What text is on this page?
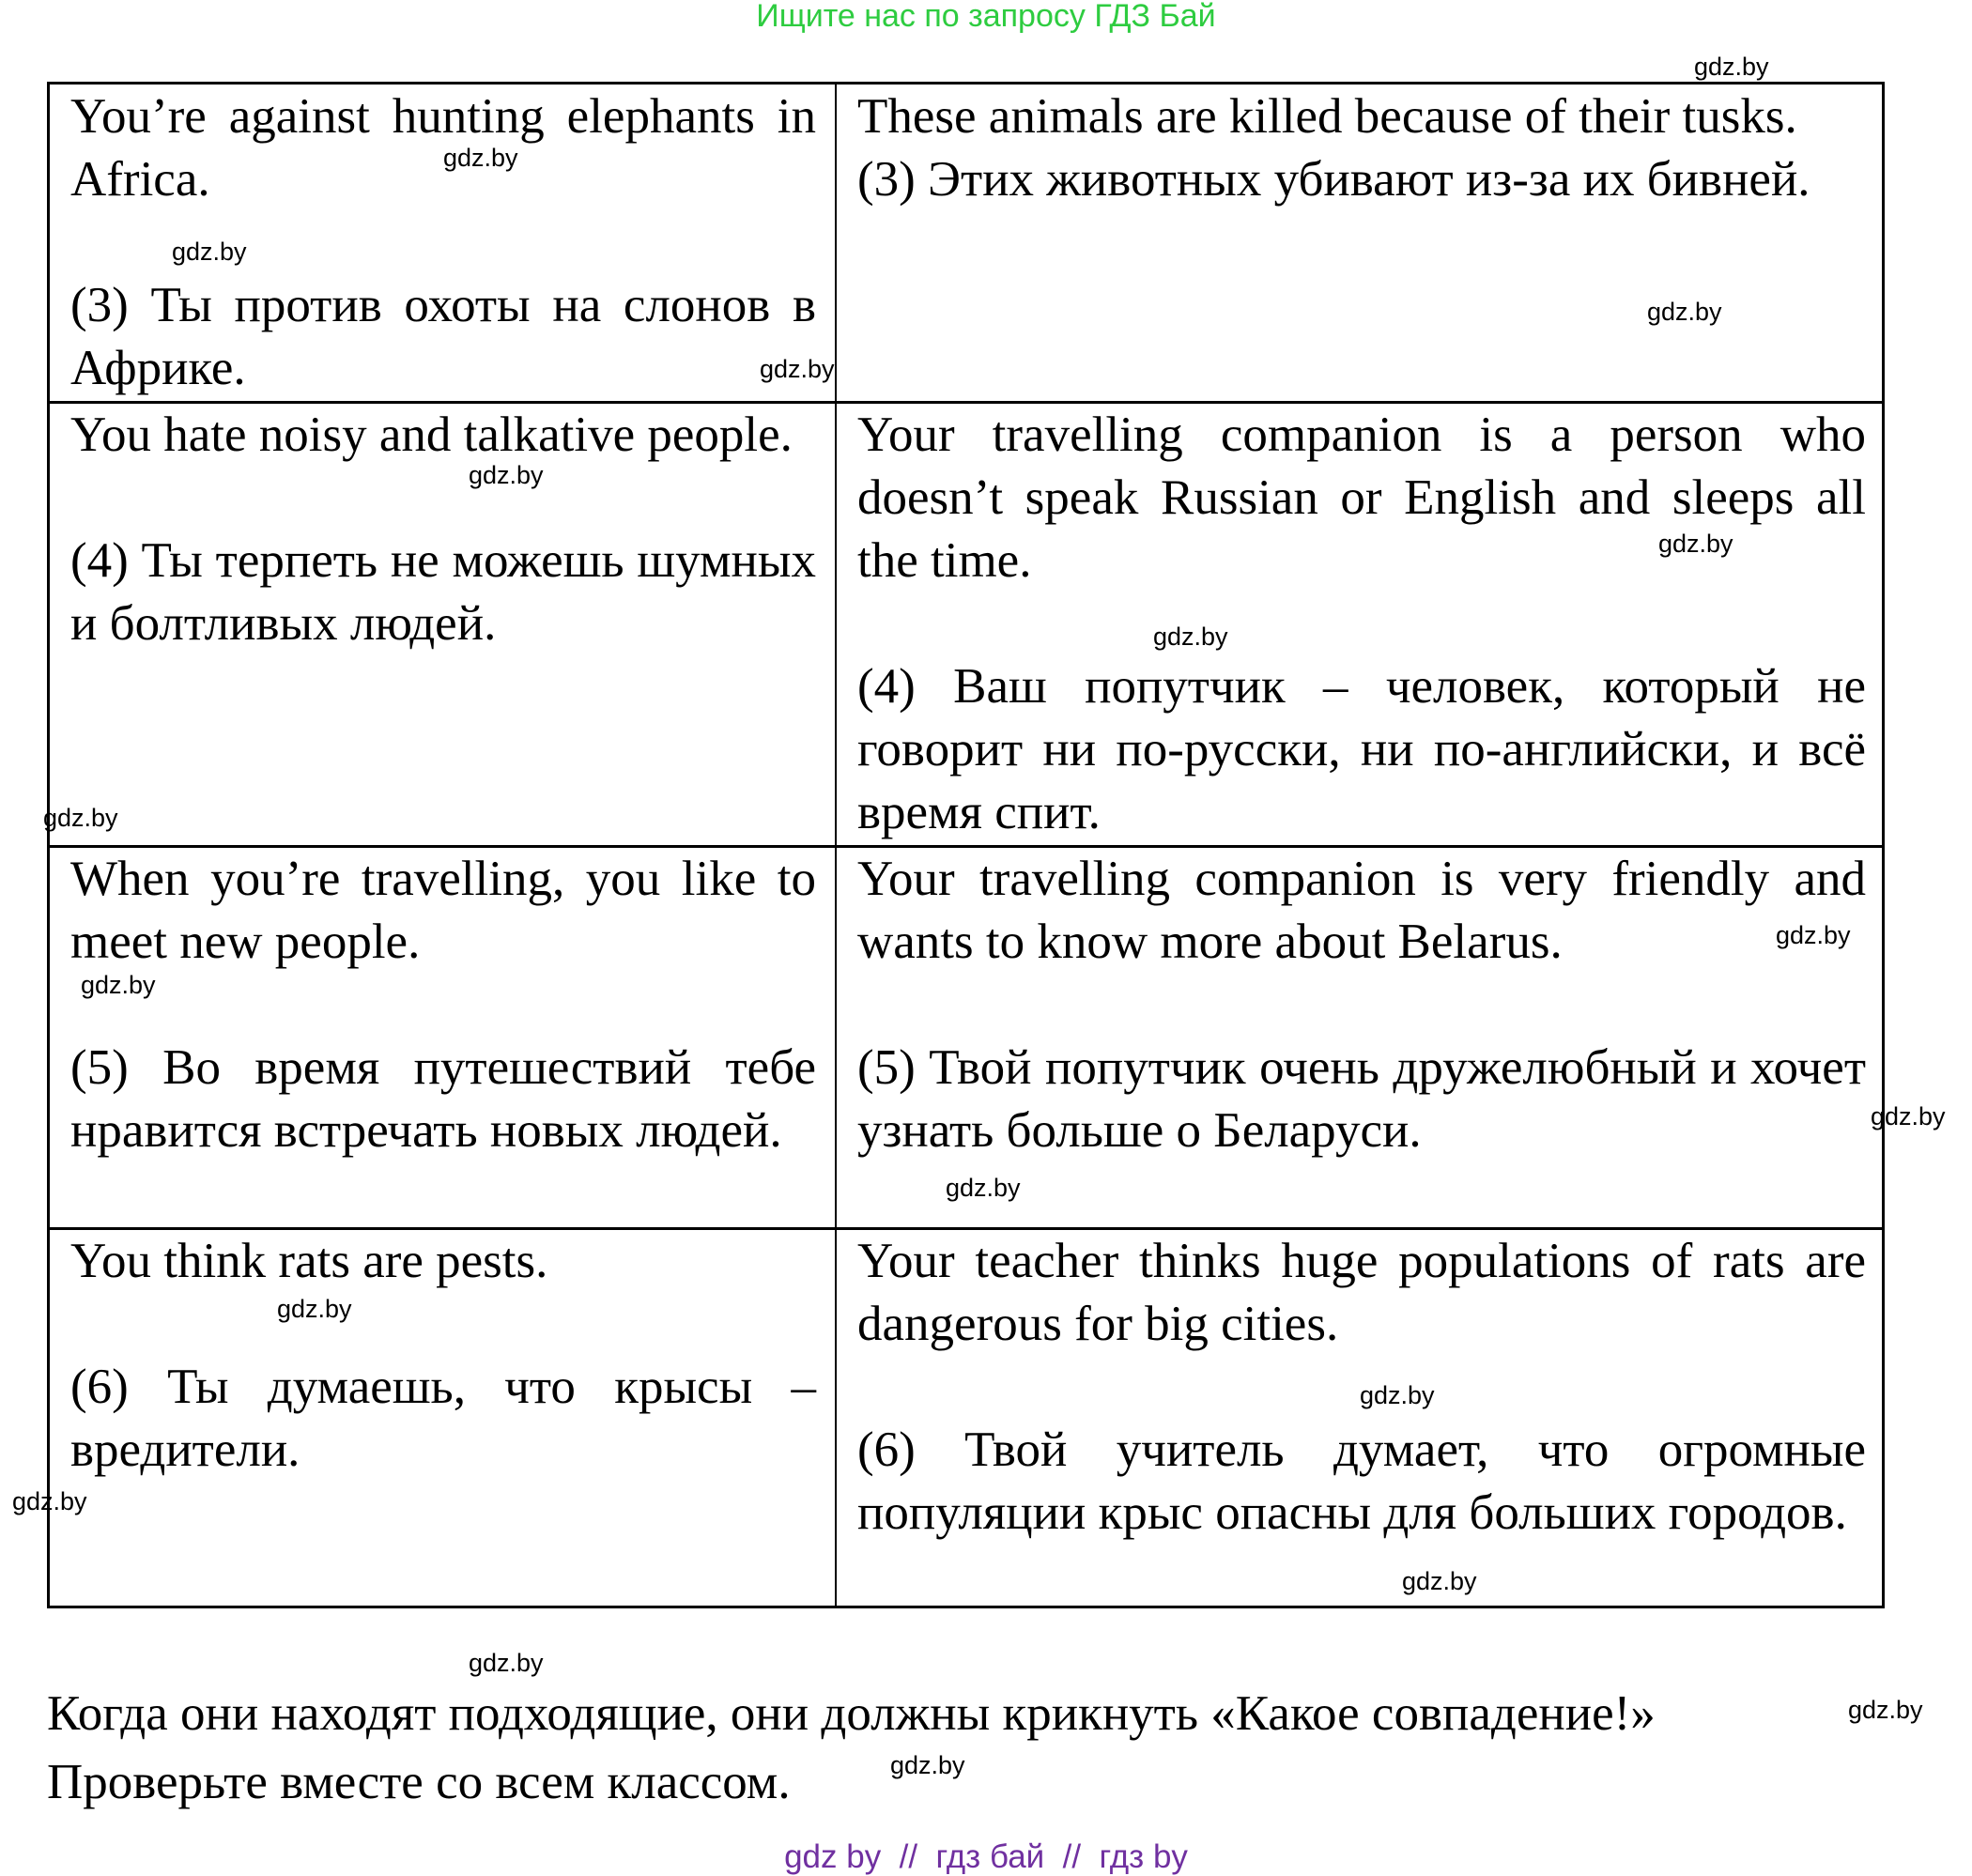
Ищите нас по запросу ГДЗ Бай

You’re against hunting elephants in Africa.

(3) Ты против охоты на слонов в Африке.

These animals are killed because of their tusks.

(3) Этих животных убивают из-за их бивней.

You hate noisy and talkative people.

(4) Ты терпеть не можешь шумных и болтливых людей.

Your travelling companion is a person who doesn’t speak Russian or English and sleeps all the time.

(4) Ваш попутчик – человек, который не говорит ни по-русски, ни по-английски, и всё время спит.

When you’re travelling, you like to meet new people.

(5) Во время путешествий тебе нравится встречать новых людей.

Your travelling companion is very friendly and wants to know more about Belarus.

(5) Твой попутчик очень дружелюбный и хочет узнать больше о Беларуси.

You think rats are pests.

(6) Ты думаешь, что крысы – вредители.

Your teacher thinks huge populations of rats are dangerous for big cities.

(6) Твой учитель думает, что огромные популяции крыс опасны для больших городов.

Когда они находят подходящие, они должны крикнуть «Какое совпадение!»
Проверьте вместе со всем классом.
gdz.by
gdz.by
gdz.by
gdz.by
gdz.by
gdz.by
gdz.by
gdz.by
gdz.by
gdz.by
gdz.by
gdz.by
gdz.by
gdz.by
gdz.by
gdz.by
gdz.by
gdz.by
gdz.by
gdz.by
gdz by  //  гдз бай  //  гдз by
